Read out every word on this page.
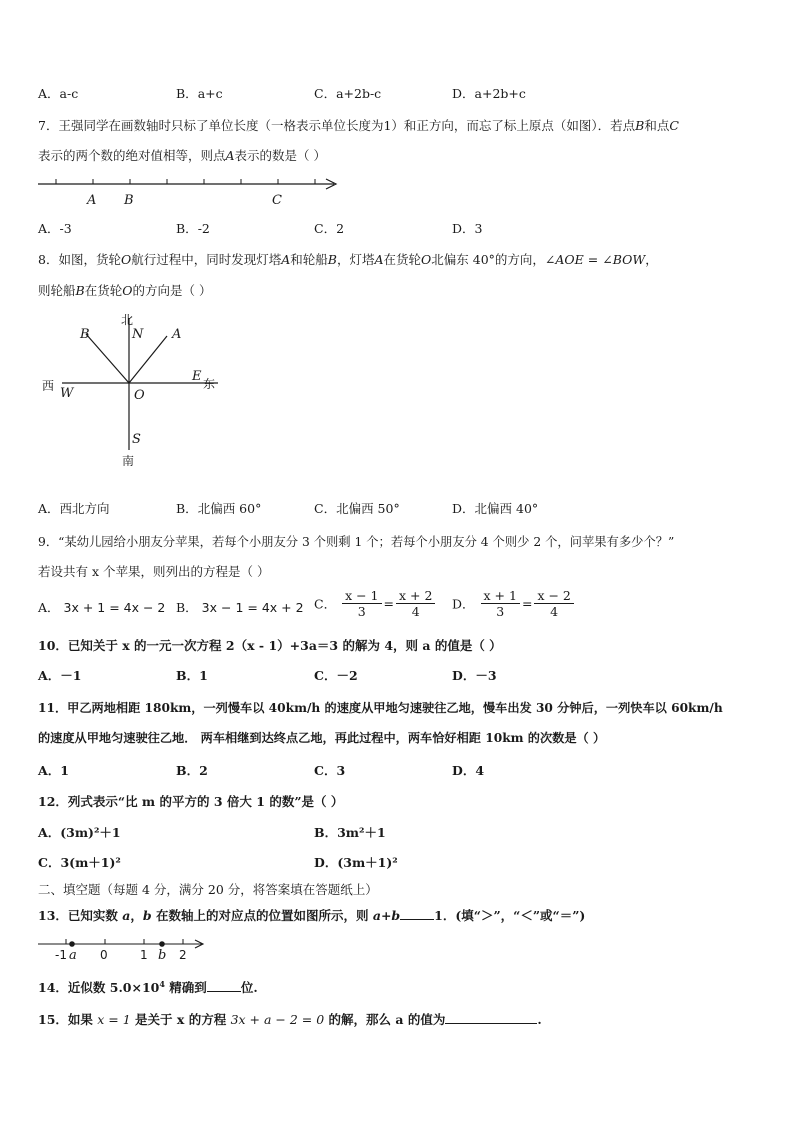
A．a-c	B．a+c	C．a+2b-c	D．a+2b+c
7．王强同学在画数轴时只标了单位长度（一格表示单位长度为1）和正方向，而忘了标上原点（如图）．若点B和点C
表示的两个数的绝对值相等，则点A表示的数是（ ）
A B	C
A．-3	B．-2	C．2	D．3
8．如图，货轮O航行过程中，同时发现灯塔A和轮船B，灯塔A在货轮O北偏东 40°的方向，∠AOE = ∠BOW，
则轮船B在货轮O的方向是（ ）
北
N
B	A
西 W	O
E 东
S
南
A．西北方向	B．北偏西 60°	C．北偏西 50°	D．北偏西 40°
9．“某幼儿园给小朋友分苹果，若每个小朋友分 3 个则剩 1 个；若每个小朋友分 4 个则少 2 个，问苹果有多少个？”
若设共有 x 个苹果，则列出的方程是（ ）
A． 3x + 1 = 4x − 2 B． 3x − 1 = 4x + 2 C． $\frac{x - 1}{3} = \frac{x + 2}{4}$ D． $\frac{x + 1}{3} = \frac{x - 2}{4}$
10．已知关于 x 的一元一次方程 2（x - 1）+3a＝3 的解为 4，则 a 的值是（ ）
A．－1	B．1	C．－2	D．－3
11．甲乙两地相距 180km，一列慢车以 40km/h 的速度从甲地匀速驶往乙地，慢车出发 30 分钟后，一列快车以 60km/h
的速度从甲地匀速驶往乙地． 两车相继到达终点乙地，再此过程中，两车恰好相距 10km 的次数是（ ）
A．1	B．2	C．3	D．4
12．列式表示“比 m 的平方的 3 倍大 1 的数”是（ ）
A．(3m)²＋1	B．3m²＋1
C．3(m＋1)²	D．(3m＋1)²
二、填空题（每题 4 分，满分 20 分，将答案填在答题纸上）
13．已知实数 a，b 在数轴上的对应点的位置如图所示，则 a+b	1．(填“＞”，“＜”或“＝”)
-1 a 0	1 b 2
14．近似数 $5.0\times 10^4$ 精确到	位.
15．如果 x = 1 是关于 x 的方程 3x + a − 2 = 0 的解，那么 a 的值为	.
